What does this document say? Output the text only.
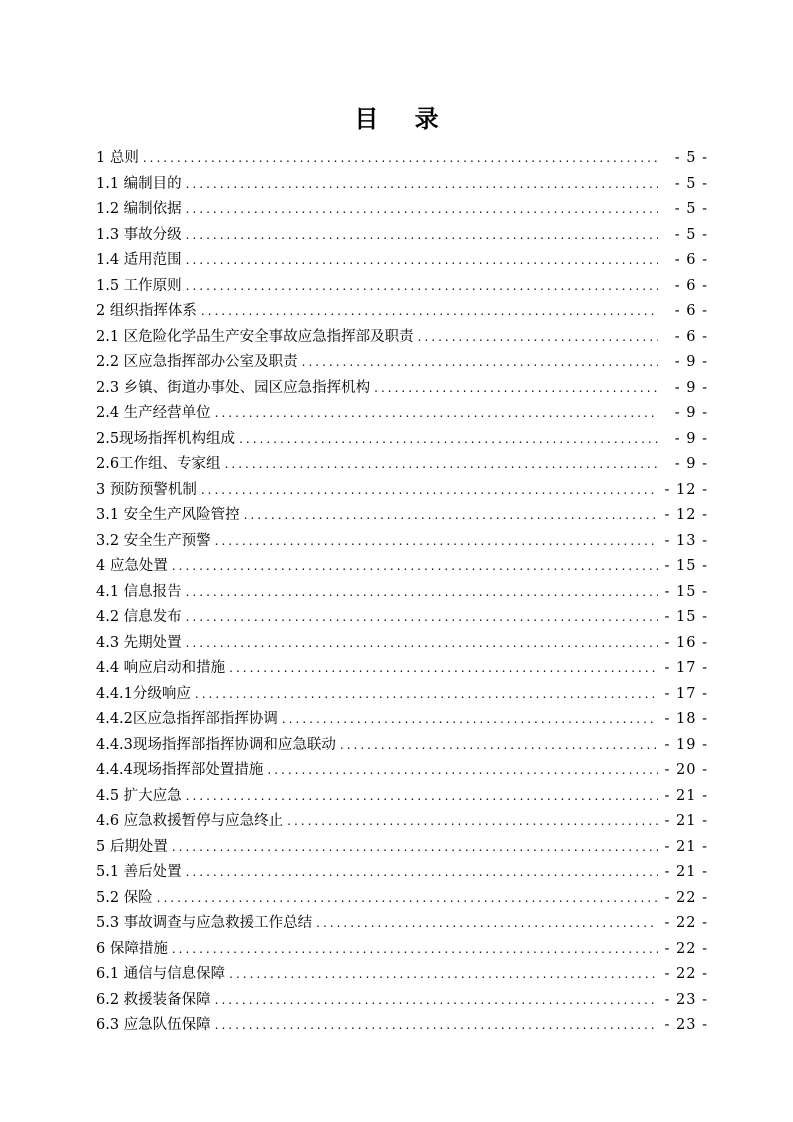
目 录
1 总则 .....	- 5 -
1.1 编制目的 .....	- 5 -
1.2 编制依据 .....	- 5 -
1.3 事故分级 .....	- 5 -
1.4 适用范围 .....	- 6 -
1.5 工作原则 .....	- 6 -
2 组织指挥体系 .....	- 6 -
2.1 区危险化学品生产安全事故应急指挥部及职责 .....	- 6 -
2.2 区应急指挥部办公室及职责 .....	- 9 -
2.3 乡镇、街道办事处、园区应急指挥机构 .....	- 9 -
2.4 生产经营单位 .....	- 9 -
2.5现场指挥机构组成 .....	- 9 -
2.6工作组、专家组 .....	- 9 -
3 预防预警机制 .....	- 12 -
3.1 安全生产风险管控 .....	- 12 -
3.2 安全生产预警 .....	- 13 -
4 应急处置 .....	- 15 -
4.1 信息报告 .....	- 15 -
4.2 信息发布 .....	- 15 -
4.3 先期处置 .....	- 16 -
4.4 响应启动和措施 .....	- 17 -
4.4.1分级响应 .....	- 17 -
4.4.2区应急指挥部指挥协调 .....	- 18 -
4.4.3现场指挥部指挥协调和应急联动 .....	- 19 -
4.4.4现场指挥部处置措施 .....	- 20 -
4.5 扩大应急 .....	- 21 -
4.6 应急救援暂停与应急终止 .....	- 21 -
5 后期处置 .....	- 21 -
5.1 善后处置 .....	- 21 -
5.2 保险 .....	- 22 -
5.3 事故调查与应急救援工作总结 .....	- 22 -
6 保障措施 .....	- 22 -
6.1 通信与信息保障 .....	- 22 -
6.2 救援装备保障 .....	- 23 -
6.3 应急队伍保障 .....	- 23 -
